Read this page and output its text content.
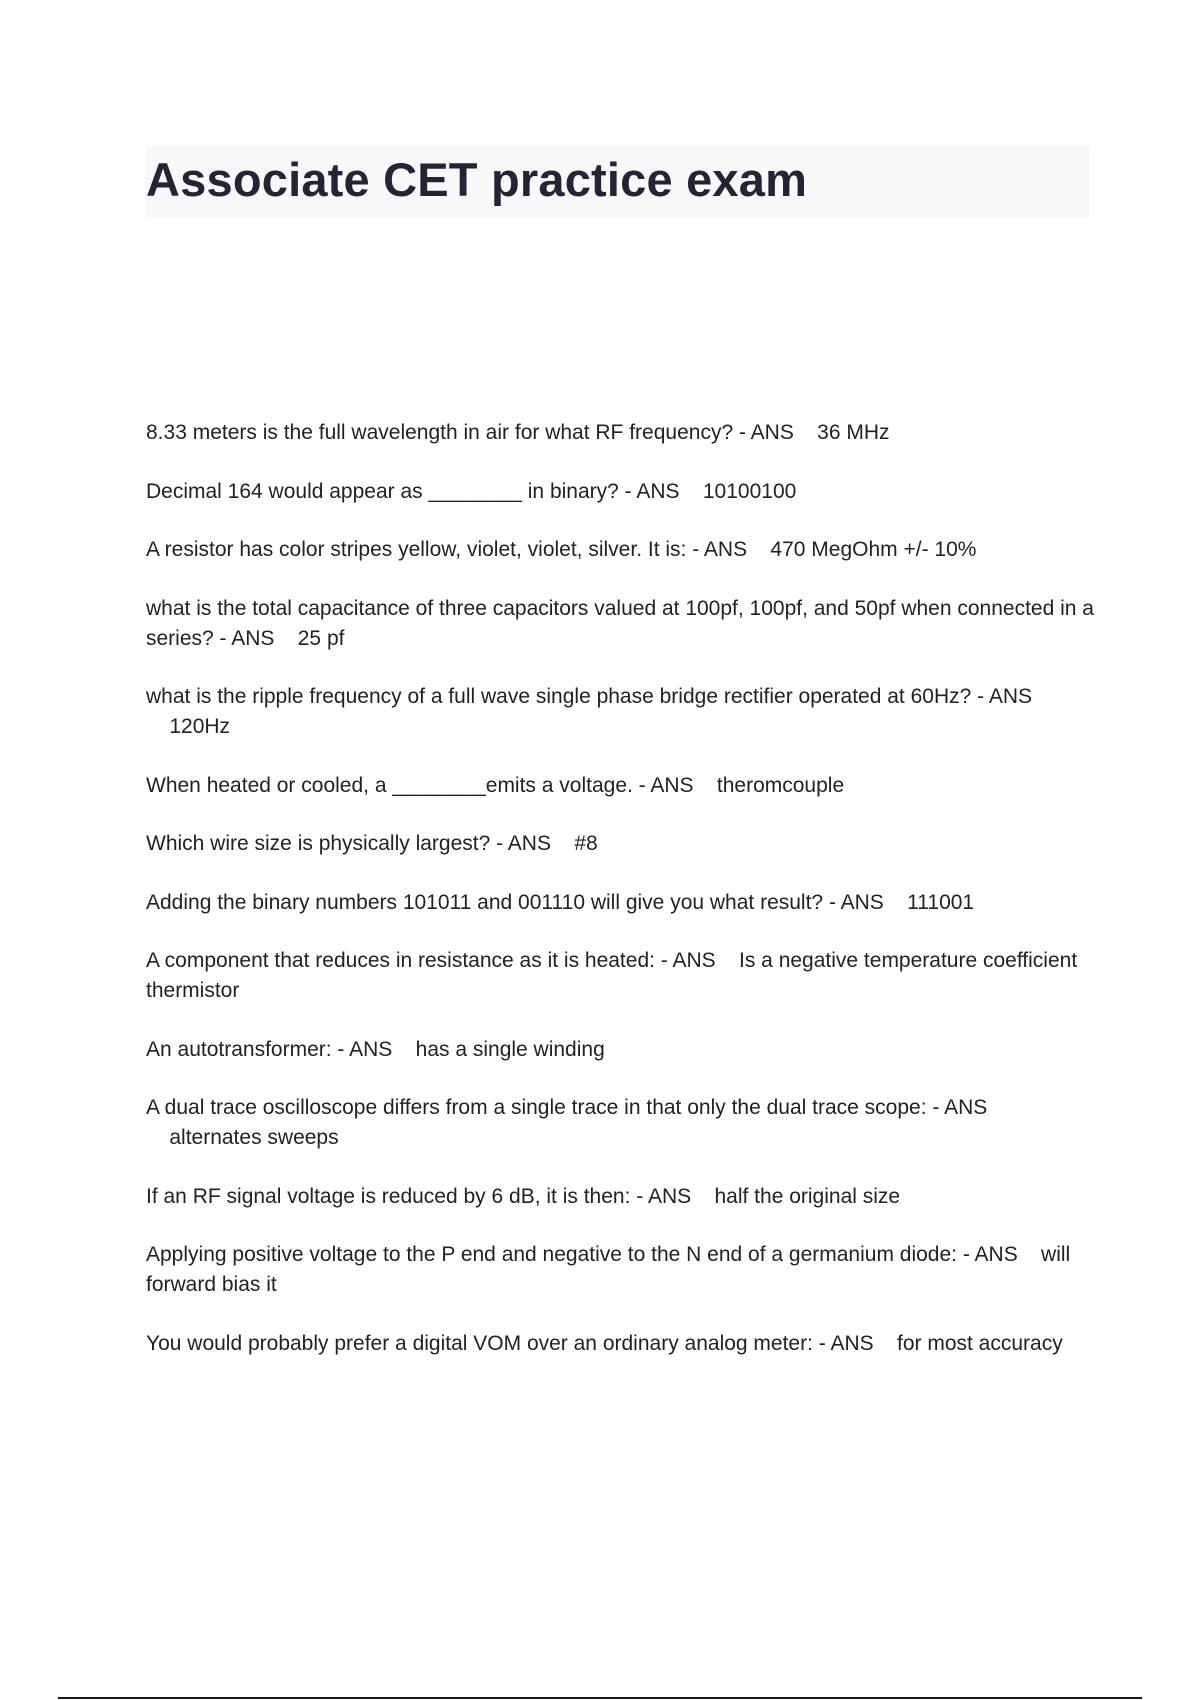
Associate CET practice exam
8.33 meters is the full wavelength in air for what RF frequency? - ANS 36 MHz
Decimal 164 would appear as ________ in binary? - ANS 10100100
A resistor has color stripes yellow, violet, violet, silver. It is: - ANS 470 MegOhm +/- 10%
what is the total capacitance of three capacitors valued at 100pf, 100pf, and 50pf when connected in a series? - ANS 25 pf
what is the ripple frequency of a full wave single phase bridge rectifier operated at 60Hz? - ANS    120Hz
When heated or cooled, a ________emits a voltage. - ANS theromcouple
Which wire size is physically largest? - ANS #8
Adding the binary numbers 101011 and 001110 will give you what result? - ANS 111001
A component that reduces in resistance as it is heated: - ANS Is a negative temperature coefficient thermistor
An autotransformer: - ANS has a single winding
A dual trace oscilloscope differs from a single trace in that only the dual trace scope: - ANS    alternates sweeps
If an RF signal voltage is reduced by 6 dB, it is then: - ANS half the original size
Applying positive voltage to the P end and negative to the N end of a germanium diode: - ANS will forward bias it
You would probably prefer a digital VOM over an ordinary analog meter: - ANS for most accuracy
